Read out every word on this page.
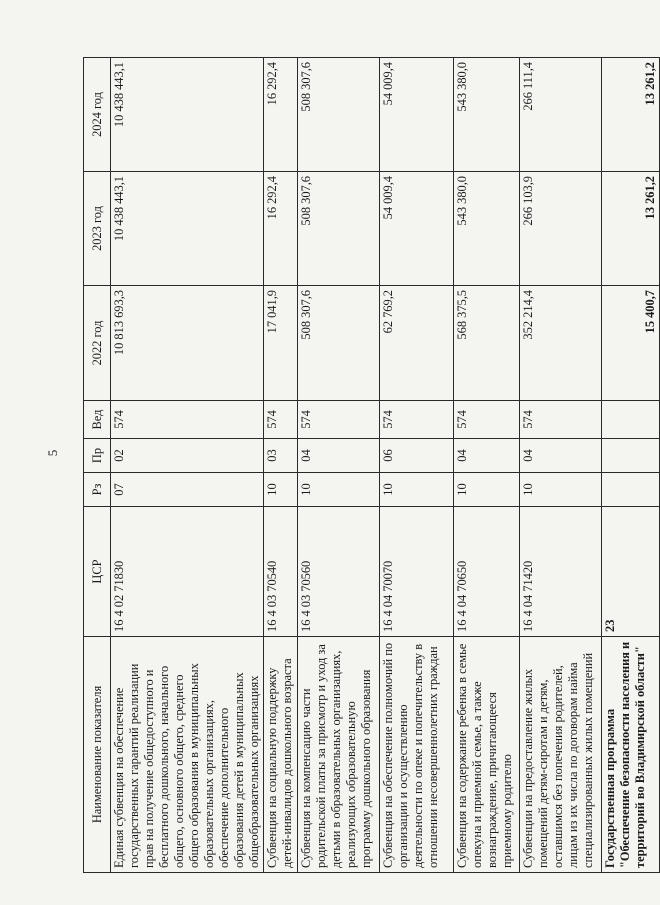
5
Наименование показателя	ЦСР	Рз	Пр	Вед	2022 год	2023 год	2024 год
Единая субвенция на обеспечение государственных гарантий реализации прав на получение общедоступного и бесплатного дошкольного, начального общего, основного общего, среднего общего образования в муниципальных образовательных организациях, обеспечение дополнительного образования детей в муниципальных общеобразовательных организациях	16 4 02 71830	07	02	574	10 813 693,3	10 438 443,1	10 438 443,1
Субвенция на социальную поддержку детей-инвалидов дошкольного возраста	16 4 03 70540	10	03	574	17 041,9	16 292,4	16 292,4
Субвенция на компенсацию части родительской платы за присмотр и уход за детьми в образовательных организациях, реализующих образовательную программу дошкольного образования	16 4 03 70560	10	04	574	508 307,6	508 307,6	508 307,6
Субвенция на обеспечение полномочий по организации и осуществлению деятельности по опеке и попечительству в отношении несовершеннолетних граждан	16 4 04 70070	10	06	574	62 769,2	54 009,4	54 009,4
Субвенция на содержание ребенка в семье опекуна и приемной семье, а также вознаграждение, причитающееся приемному родителю	16 4 04 70650	10	04	574	568 375,5	543 380,0	543 380,0
Субвенции на предоставление жилых помещений детям-сиротам и детям, оставшимся без попечения родителей, лицам из их числа по договорам найма специализированных жилых помещений	16 4 04 71420	10	04	574	352 214,4	266 103,9	266 111,4
Государственная программа "Обеспечение безопасности населения и территорий во Владимирской области"	23				15 400,7	13 261,2	13 261,2
